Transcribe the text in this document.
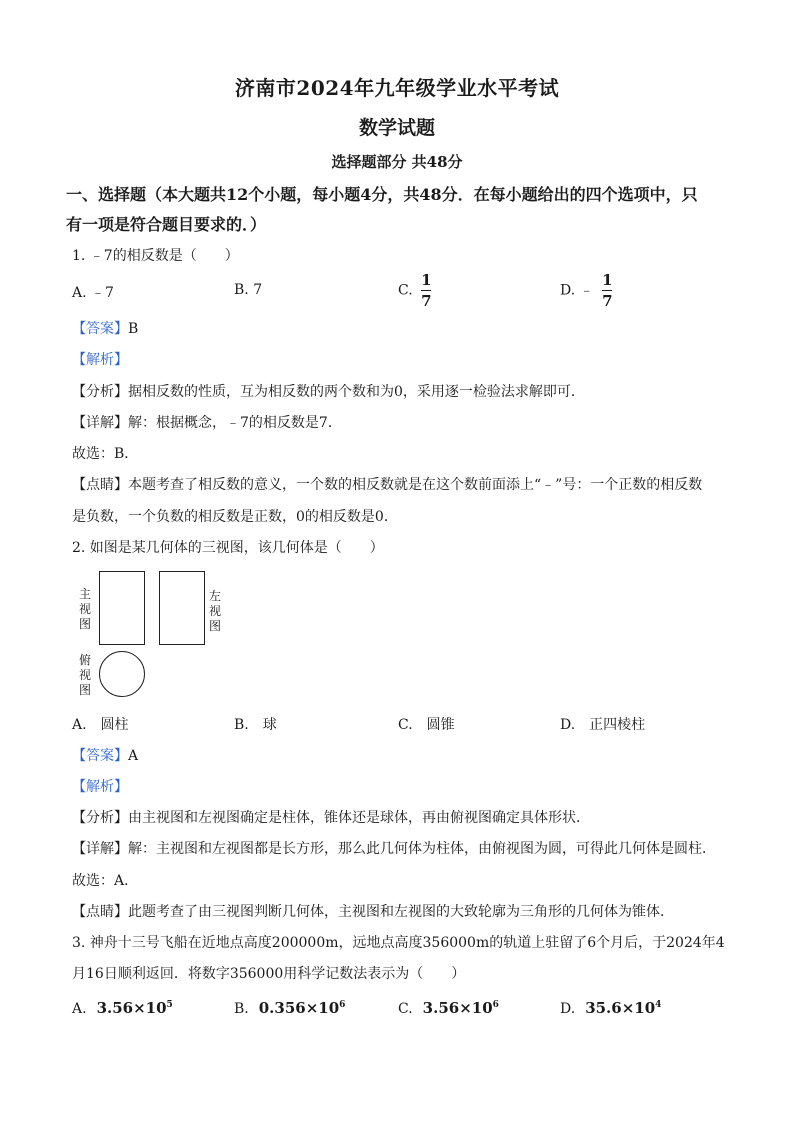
济南市2024年九年级学业水平考试
数学试题
选择题部分 共48分
一、选择题（本大题共12个小题，每小题4分，共48分．在每小题给出的四个选项中，只
有一项是符合题目要求的．）
1. ﹣7的相反数是（　　）
A. ﹣7	B. 7	C. $\frac{1}{7}$	D. ﹣ $\frac{1}{7}$
【答案】B
【解析】
【分析】据相反数的性质，互为相反数的两个数和为0，采用逐一检验法求解即可．
【详解】解：根据概念，﹣7的相反数是7．
故选：B．
【点睛】本题考查了相反数的意义，一个数的相反数就是在这个数前面添上“﹣”号：一个正数的相反数
是负数，一个负数的相反数是正数，0的相反数是0．
2. 如图是某几何体的三视图，该几何体是（　　）
主视图
左视图
俯视图
A.　圆柱	B.　球	C.　圆锥	D.　正四棱柱
【答案】A
【解析】
【分析】由主视图和左视图确定是柱体，锥体还是球体，再由俯视图确定具体形状．
【详解】解：主视图和左视图都是长方形，那么此几何体为柱体，由俯视图为圆，可得此几何体是圆柱．
故选：A．
【点睛】此题考查了由三视图判断几何体，主视图和左视图的大致轮廓为三角形的几何体为锥体．
3. 神舟十三号飞船在近地点高度200000m，远地点高度356000m的轨道上驻留了6个月后，于2024年4
月16日顺利返回．将数字356000用科学记数法表示为（　　）
A. $3.56\times 10^5$	B. $0.356\times 10^6$	C. $3.56\times 10^6$	D. $35.6\times 10^4$
